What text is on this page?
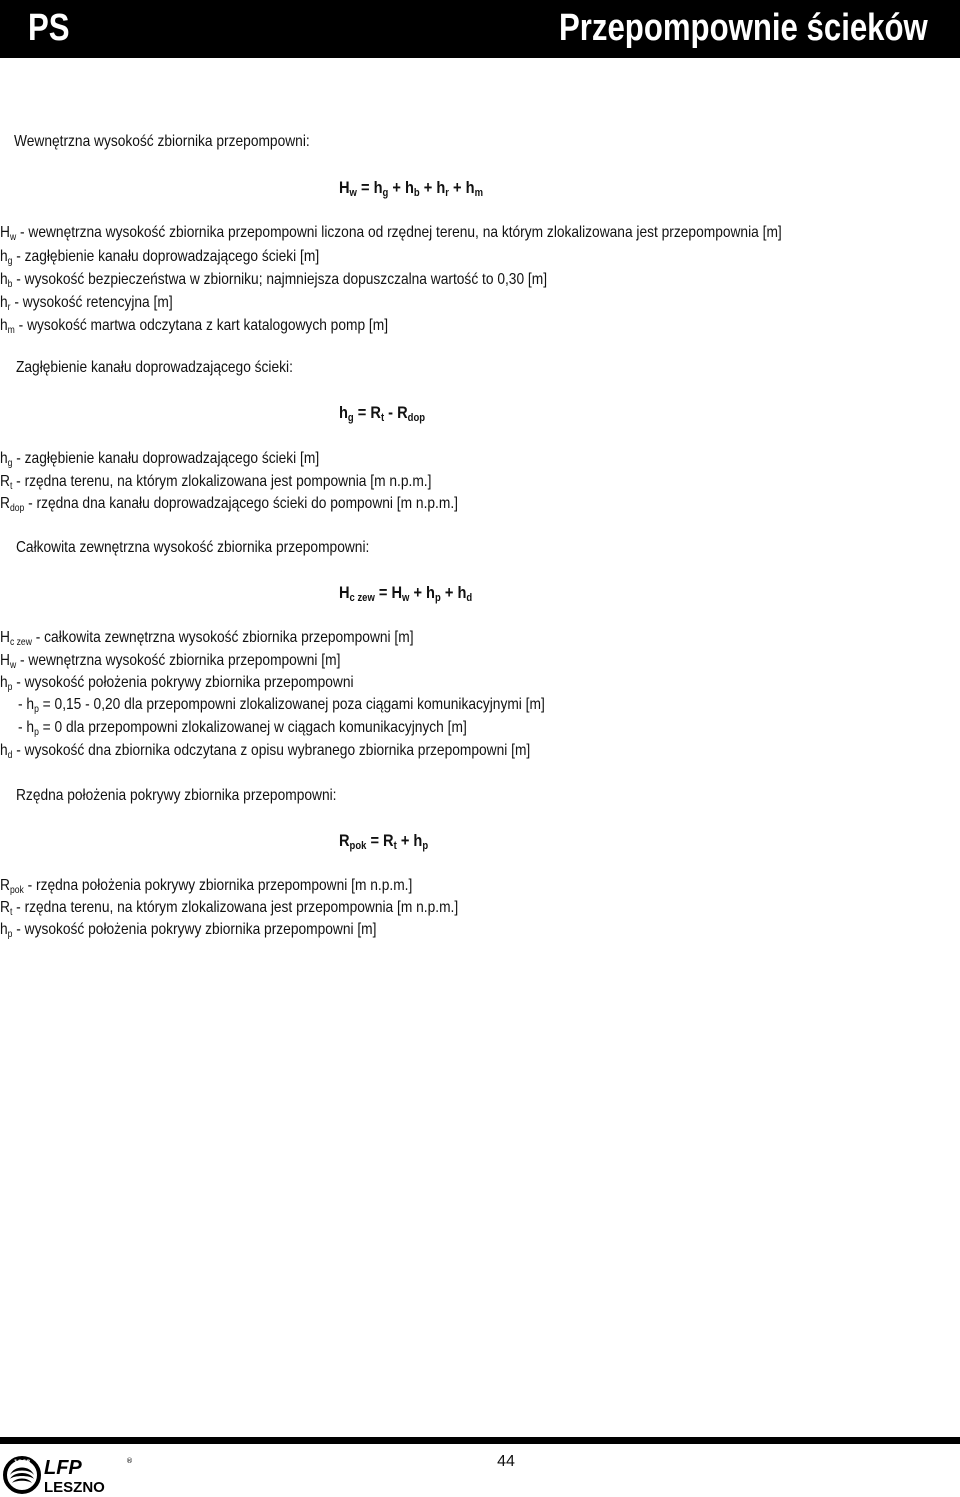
PS	Przepompownie ścieków
Wewnętrzna wysokość zbiornika przepompowni:
$H_w = h_g + h_b + h_r + h_m$
$H_w$ - wewnętrzna wysokość zbiornika przepompowni liczona od rzędnej terenu, na którym zlokalizowana jest przepompownia [m]
$h_g$ - zagłębienie kanału doprowadzającego ścieki [m]
$h_b$ - wysokość bezpieczeństwa w zbiorniku; najmniejsza dopuszczalna wartość to 0,30 [m]
$h_r$ - wysokość retencyjna [m]
$h_m$ - wysokość martwa odczytana z kart katalogowych pomp [m]
Zagłębienie kanału doprowadzającego ścieki:
$h_g = R_t - R_{dop}$
$h_g$ - zagłębienie kanału doprowadzającego ścieki [m]
$R_t$ - rzędna terenu, na którym zlokalizowana jest pompownia [m n.p.m.]
$R_{dop}$ - rzędna dna kanału doprowadzającego ścieki do pompowni [m n.p.m.]
Całkowita zewnętrzna wysokość zbiornika przepompowni:
$H_{c zew} = H_w + h_p + h_d$
$H_{c zew}$ - całkowita zewnętrzna wysokość zbiornika przepompowni [m]
$H_w$ - wewnętrzna wysokość zbiornika przepompowni [m]
$h_p$ - wysokość położenia pokrywy zbiornika przepompowni
- $h_p = 0,15 - 0,20$ dla przepompowni zlokalizowanej poza ciągami komunikacyjnymi [m]
- $h_p = 0$ dla przepompowni zlokalizowanej w ciągach komunikacyjnych [m]
$h_d$ - wysokość dna zbiornika odczytana z opisu wybranego zbiornika przepompowni [m]
Rzędna położenia pokrywy zbiornika przepompowni:
$R_{pok} = R_t + h_p$
$R_{pok}$ - rzędna położenia pokrywy zbiornika przepompowni [m n.p.m.]
$R_t$ - rzędna terenu, na którym zlokalizowana jest przepompownia [m n.p.m.]
$h_p$ - wysokość położenia pokrywy zbiornika przepompowni [m]
44
1868 LFP
LESZNO
®
